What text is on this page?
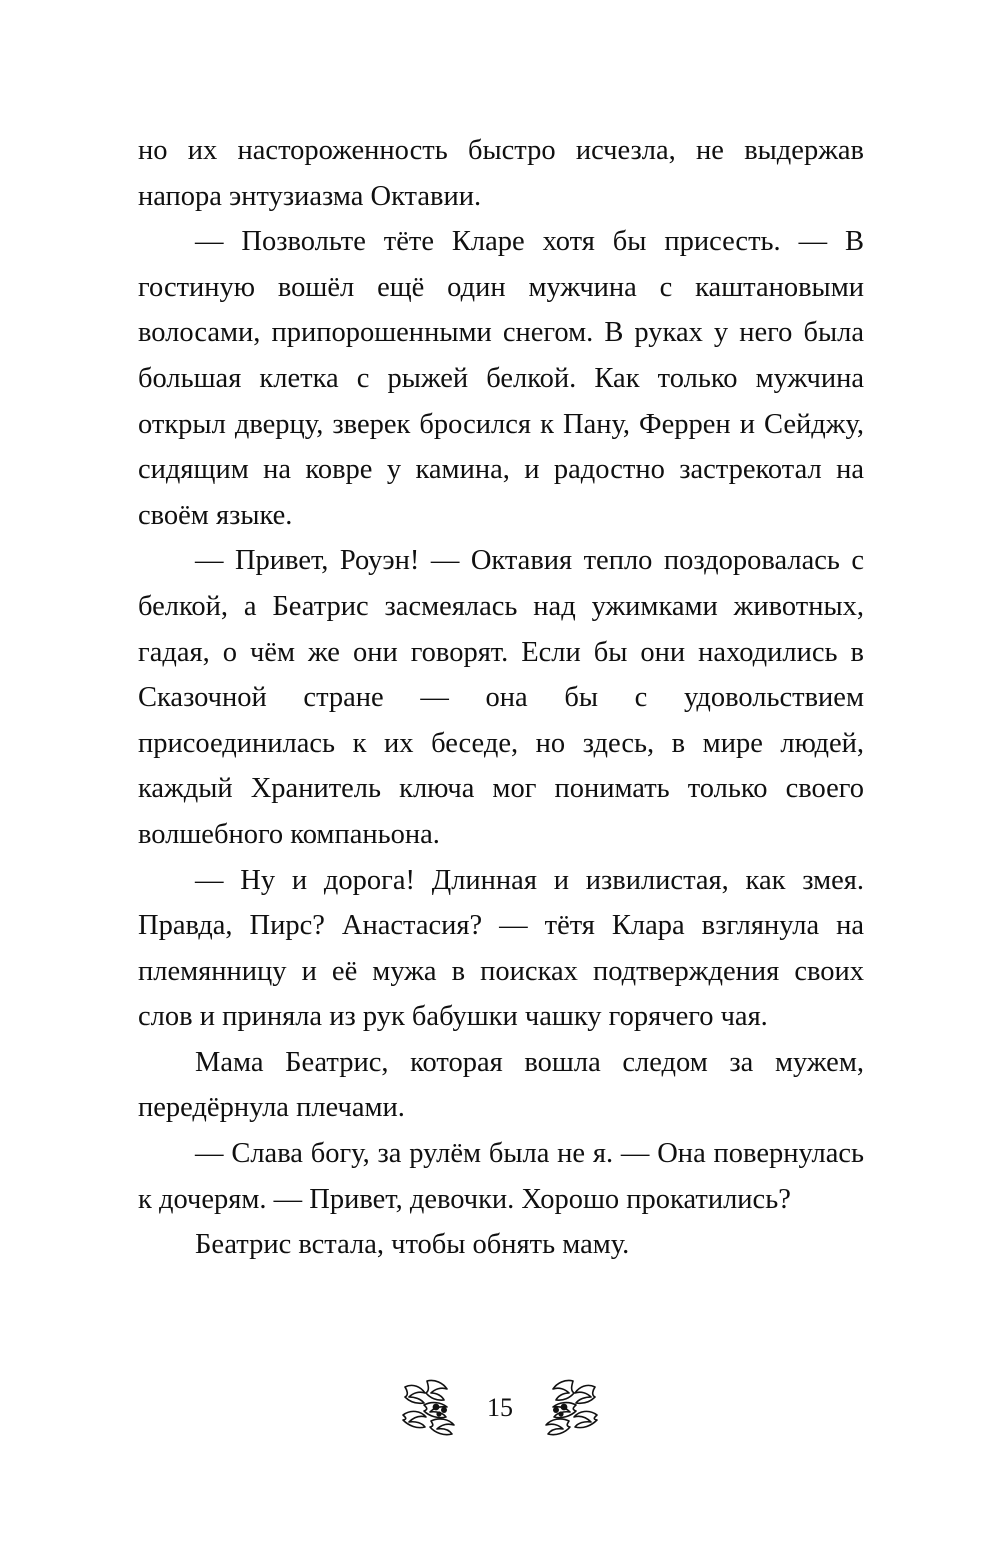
но их настороженность быстро исчезла, не выдержав напора энтузиазма Октавии.

— Позвольте тёте Кларе хотя бы присесть. — В гостиную вошёл ещё один мужчина с каштановыми волосами, припорошенными снегом. В руках у него была большая клетка с рыжей белкой. Как только мужчина открыл дверцу, зверек бросился к Пану, Феррен и Сейджу, сидящим на ковре у камина, и радостно застрекотал на своём языке.

— Привет, Роуэн! — Октавия тепло поздоровалась с белкой, а Беатрис засмеялась над ужимками животных, гадая, о чём же они говорят. Если бы они находились в Сказочной стране — она бы с удовольствием присоединилась к их беседе, но здесь, в мире людей, каждый Хранитель ключа мог понимать только своего волшебного компаньона.

— Ну и дорога! Длинная и извилистая, как змея. Правда, Пирс? Анастасия? — тётя Клара взглянула на племянницу и её мужа в поисках подтверждения своих слов и приняла из рук бабушки чашку горячего чая.

Мама Беатрис, которая вошла следом за мужем, передёрнула плечами.

— Слава богу, за рулём была не я. — Она повернулась к дочерям. — Привет, девочки. Хорошо прокатились?

Беатрис встала, чтобы обнять маму.

15
